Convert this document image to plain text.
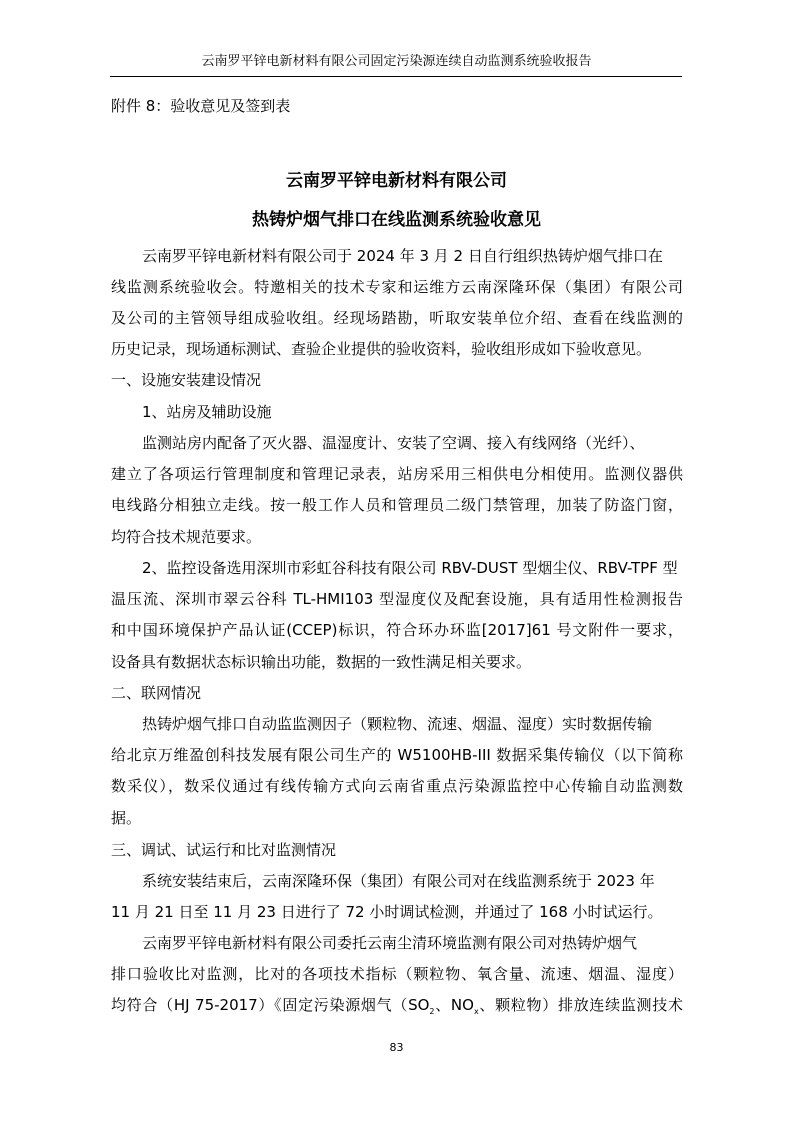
云南罗平锌电新材料有限公司固定污染源连续自动监测系统验收报告
附件 8：验收意见及签到表
云南罗平锌电新材料有限公司
热铸炉烟气排口在线监测系统验收意见
云南罗平锌电新材料有限公司于 2024 年 3 月 2 日自行组织热铸炉烟气排口在
线监测系统验收会。特邀相关的技术专家和运维方云南深隆环保（集团）有限公司
及公司的主管领导组成验收组。经现场踏勘，听取安装单位介绍、查看在线监测的
历史记录，现场通标测试、查验企业提供的验收资料，验收组形成如下验收意见。
一、设施安装建设情况
1、站房及辅助设施
监测站房内配备了灭火器、温湿度计、安装了空调、接入有线网络（光纤）、
建立了各项运行管理制度和管理记录表，站房采用三相供电分相使用。监测仪器供
电线路分相独立走线。按一般工作人员和管理员二级门禁管理，加装了防盗门窗，
均符合技术规范要求。
2、监控设备选用深圳市彩虹谷科技有限公司 RBV-DUST 型烟尘仪、RBV-TPF 型
温压流、深圳市翠云谷科 TL-HMI103 型湿度仪及配套设施，具有适用性检测报告
和中国环境保护产品认证(CCEP)标识，符合环办环监[2017]61 号文附件一要求，
设备具有数据状态标识输出功能，数据的一致性满足相关要求。
二、联网情况
热铸炉烟气排口自动监监测因子（颗粒物、流速、烟温、湿度）实时数据传输
给北京万维盈创科技发展有限公司生产的 W5100HB-III 数据采集传输仪（以下简称
数采仪），数采仪通过有线传输方式向云南省重点污染源监控中心传输自动监测数
据。
三、调试、试运行和比对监测情况
系统安装结束后，云南深隆环保（集团）有限公司对在线监测系统于 2023 年
11 月 21 日至 11 月 23 日进行了 72 小时调试检测，并通过了 168 小时试运行。
云南罗平锌电新材料有限公司委托云南尘清环境监测有限公司对热铸炉烟气
排口验收比对监测，比对的各项技术指标（颗粒物、氧含量、流速、烟温、湿度）
均符合（HJ 75-2017）《固定污染源烟气（$SO_2$、$NO_x$、颗粒物）排放连续监测技术
83
